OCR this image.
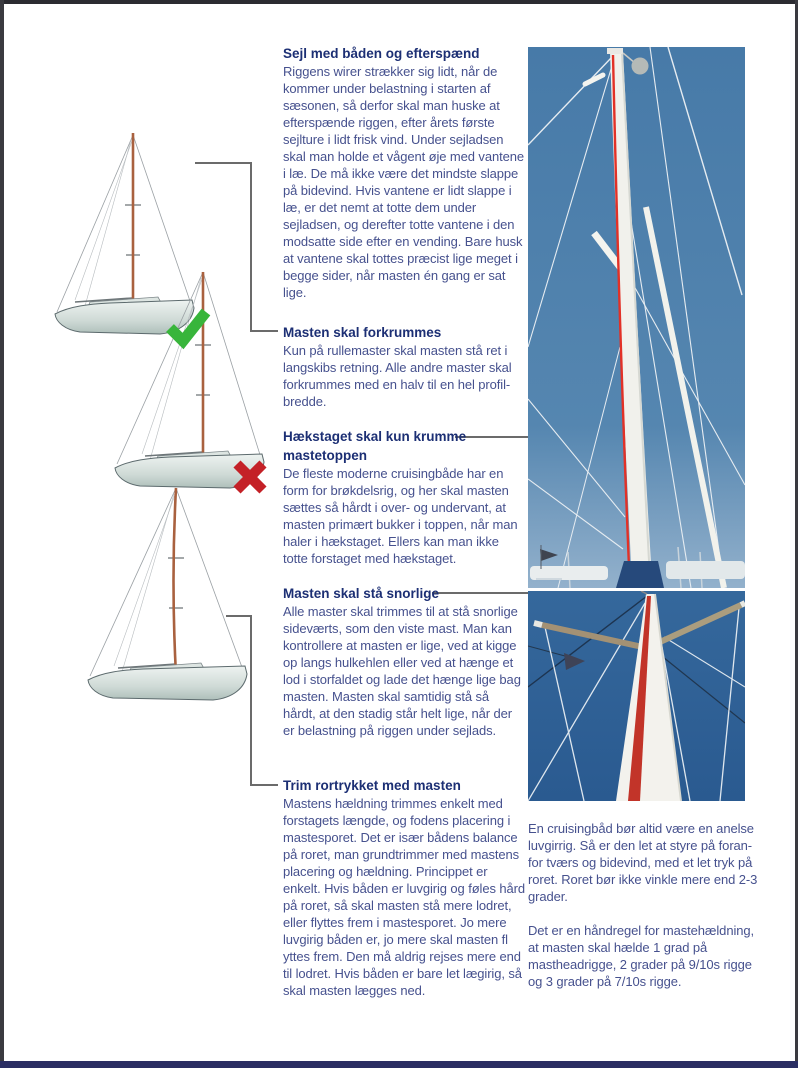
Sejl med båden og efterspænd

Riggens wirer strækker sig lidt, når de kommer under belastning i starten af sæsonen, så derfor skal man huske at efterspænde riggen, efter årets første sejlture i lidt frisk vind. Under sejladsen skal man holde et vågent øje med vantene i læ. De må ikke være det mindste slappe på bidevind. Hvis vantene er lidt slappe i læ, er det nemt at totte dem under sejladsen, og derefter totte vantene i den modsatte side efter en vending. Bare husk at vantene skal tottes præcist lige meget i begge sider, når masten én gang er sat lige.

Masten skal forkrummes

Kun på rullemaster skal masten stå ret i langskibs retning. Alle andre master skal forkrummes med en halv til en hel profil-bredde.

Hækstaget skal kun krumme mastetoppen

De fleste moderne cruisingbåde har en form for brøkdelsrig, og her skal masten sættes så hårdt i over- og undervant, at masten primært bukker i toppen, når man haler i hækstaget. Ellers kan man ikke totte forstaget med hækstaget.

Masten skal stå snorlige

Alle master skal trimmes til at stå snorlige sideværts, som den viste mast. Man kan kontrollere at masten er lige, ved at kigge op langs hulkehlen eller ved at hænge et lod i storfaldet og lade det hænge lige bag masten. Masten skal samtidig stå så hårdt, at den stadig står helt lige, når der er belastning på riggen under sejlads.

Trim rortrykket med masten

Mastens hældning trimmes enkelt med forstagets længde, og fodens placering i mastesporet. Det er især bådens balance på roret, man grundtrimmer med mastens placering og hældning. Princippet er enkelt. Hvis båden er luvgirig og føles hård på roret, så skal masten stå mere lodret, eller flyttes frem i mastesporet. Jo mere luvgirig båden er, jo mere skal masten fl yttes frem. Den må aldrig rejses mere end til lodret. Hvis båden er bare let lægirig, så skal masten lægges ned.

En cruisingbåd bør altid være en anelse luvgirrig. Så er den let at styre på foran-for tværs og bidevind, med et let tryk på roret. Roret bør ikke vinkle mere end 2-3 grader.

Det er en håndregel for mastehældning, at masten skal hælde 1 grad på mastheadrigge, 2 grader på 9/10s rigge og 3 grader på 7/10s rigge.
